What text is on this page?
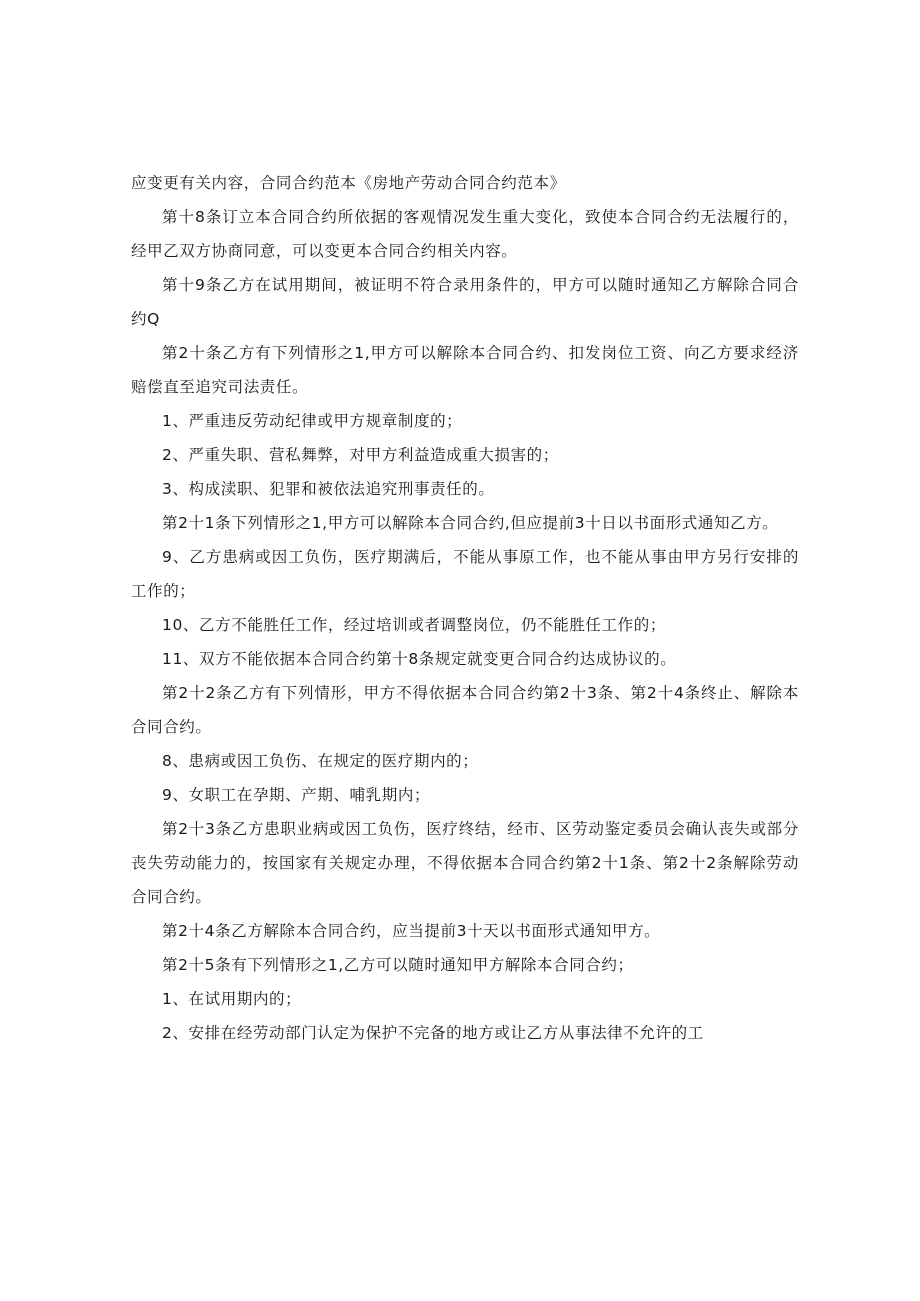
应变更有关内容，合同合约范本《房地产劳动合同合约范本》

第十8条订立本合同合约所依据的客观情况发生重大变化，致使本合同合约无法履行的，经甲乙双方协商同意，可以变更本合同合约相关内容。

第十9条乙方在试用期间，被证明不符合录用条件的，甲方可以随时通知乙方解除合同合约Q

第2十条乙方有下列情形之1,甲方可以解除本合同合约、扣发岗位工资、向乙方要求经济赔偿直至追究司法责任。

1、严重违反劳动纪律或甲方规章制度的；

2、严重失职、营私舞弊，对甲方利益造成重大损害的；

3、构成渎职、犯罪和被依法追究刑事责任的。

第2十1条下列情形之1,甲方可以解除本合同合约,但应提前3十日以书面形式通知乙方。

9、乙方患病或因工负伤，医疗期满后，不能从事原工作，也不能从事由甲方另行安排的工作的；

10、乙方不能胜任工作，经过培训或者调整岗位，仍不能胜任工作的；

11、双方不能依据本合同合约第十8条规定就变更合同合约达成协议的。

第2十2条乙方有下列情形，甲方不得依据本合同合约第2十3条、第2十4条终止、解除本合同合约。

8、患病或因工负伤、在规定的医疗期内的；

9、女职工在孕期、产期、哺乳期内；

第2十3条乙方患职业病或因工负伤，医疗终结，经市、区劳动鉴定委员会确认丧失或部分丧失劳动能力的，按国家有关规定办理，不得依据本合同合约第2十1条、第2十2条解除劳动合同合约。

第2十4条乙方解除本合同合约，应当提前3十天以书面形式通知甲方。

第2十5条有下列情形之1,乙方可以随时通知甲方解除本合同合约；

1、在试用期内的；

2、安排在经劳动部门认定为保护不完备的地方或让乙方从事法律不允许的工
